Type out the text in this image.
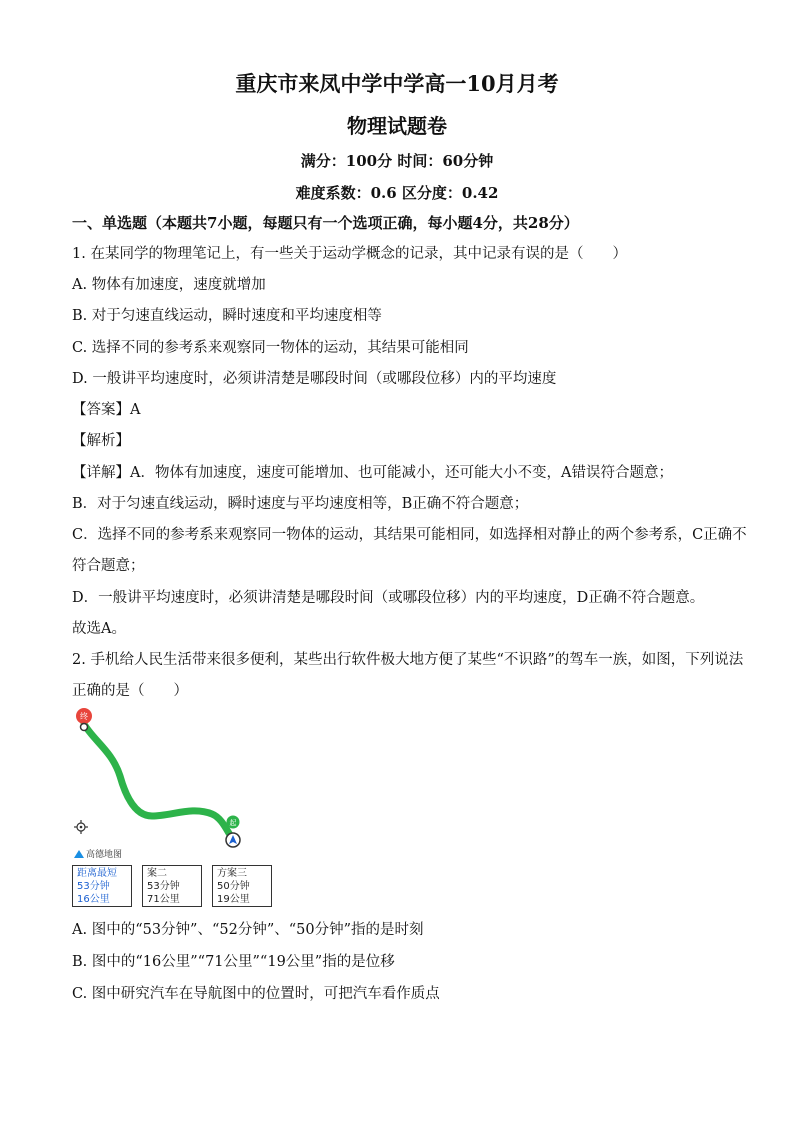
重庆市来凤中学中学高一10月月考
物理试题卷
满分：100分 时间：60分钟
难度系数：0.6 区分度：0.42
一、单选题（本题共7小题，每题只有一个选项正确，每小题4分，共28分）
1. 在某同学的物理笔记上，有一些关于运动学概念的记录，其中记录有误的是（　　）
A. 物体有加速度，速度就增加
B. 对于匀速直线运动，瞬时速度和平均速度相等
C. 选择不同的参考系来观察同一物体的运动，其结果可能相同
D. 一般讲平均速度时，必须讲清楚是哪段时间（或哪段位移）内的平均速度
【答案】A
【解析】
【详解】A．物体有加速度，速度可能增加、也可能减小，还可能大小不变，A错误符合题意；
B．对于匀速直线运动，瞬时速度与平均速度相等，B正确不符合题意；
C．选择不同的参考系来观察同一物体的运动，其结果可能相同，如选择相对静止的两个参考系，C正确不
符合题意；
D．一般讲平均速度时，必须讲清楚是哪段时间（或哪段位移）内的平均速度，D正确不符合题意。
故选A。
2. 手机给人民生活带来很多便利，某些出行软件极大地方便了某些“不识路”的驾车一族，如图，下列说法
正确的是（　　）
终
起
高德地图
距离最短
53分钟
16公里
案二
53分钟
71公里
方案三
50分钟
19公里
A. 图中的“53分钟”、“52分钟”、“50分钟”指的是时刻
B. 图中的“16公里”“71公里”“19公里”指的是位移
C. 图中研究汽车在导航图中的位置时，可把汽车看作质点
